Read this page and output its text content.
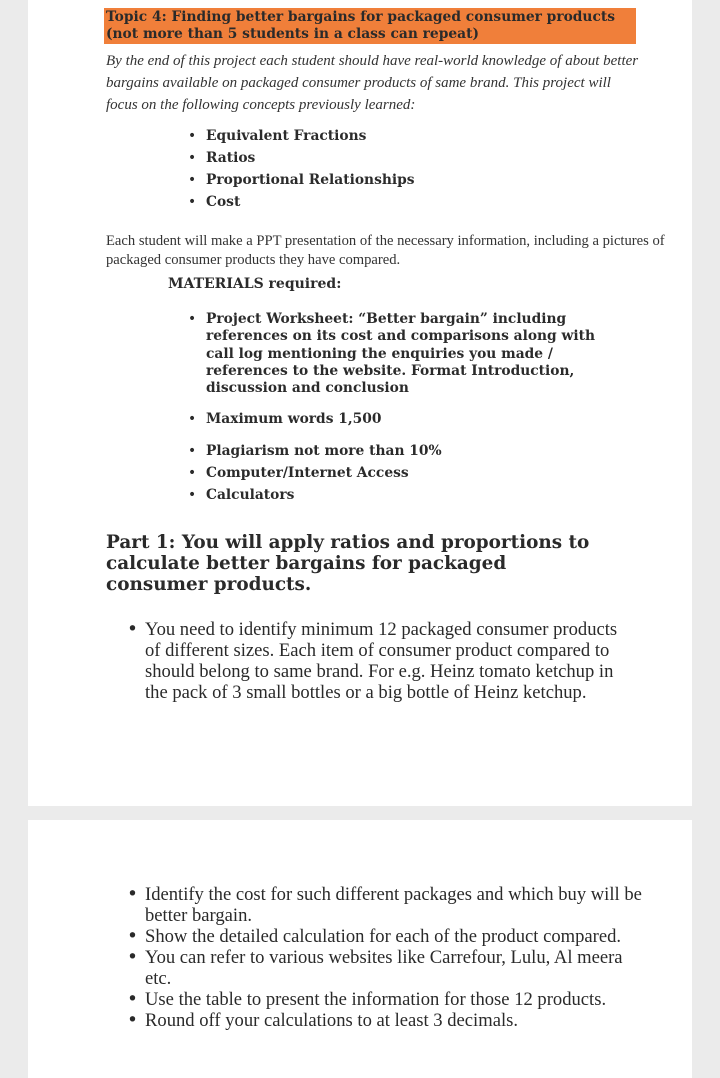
Topic 4: Finding better bargains for packaged consumer products
(not more than 5 students in a class can repeat)
By the end of this project each student should have real-world knowledge of about better bargains available on packaged consumer products of same brand. This project will focus on the following concepts previously learned:
• Equivalent Fractions
• Ratios
• Proportional Relationships
• Cost
Each student will make a PPT presentation of the necessary information, including a pictures of packaged consumer products they have compared.
MATERIALS required:
• Project Worksheet: “Better bargain” including references on its cost and comparisons along with call log mentioning the enquiries you made / references to the website. Format Introduction, discussion and conclusion
• Maximum words 1,500
• Plagiarism not more than 10%
• Computer/Internet Access
• Calculators
Part 1: You will apply ratios and proportions to calculate better bargains for packaged consumer products.
• You need to identify minimum 12 packaged consumer products of different sizes. Each item of consumer product compared to should belong to same brand. For e.g. Heinz tomato ketchup in the pack of 3 small bottles or a big bottle of Heinz ketchup.
• Identify the cost for such different packages and which buy will be better bargain.
• Show the detailed calculation for each of the product compared.
• You can refer to various websites like Carrefour, Lulu, Al meera etc.
• Use the table to present the information for those 12 products.
• Round off your calculations to at least 3 decimals.
